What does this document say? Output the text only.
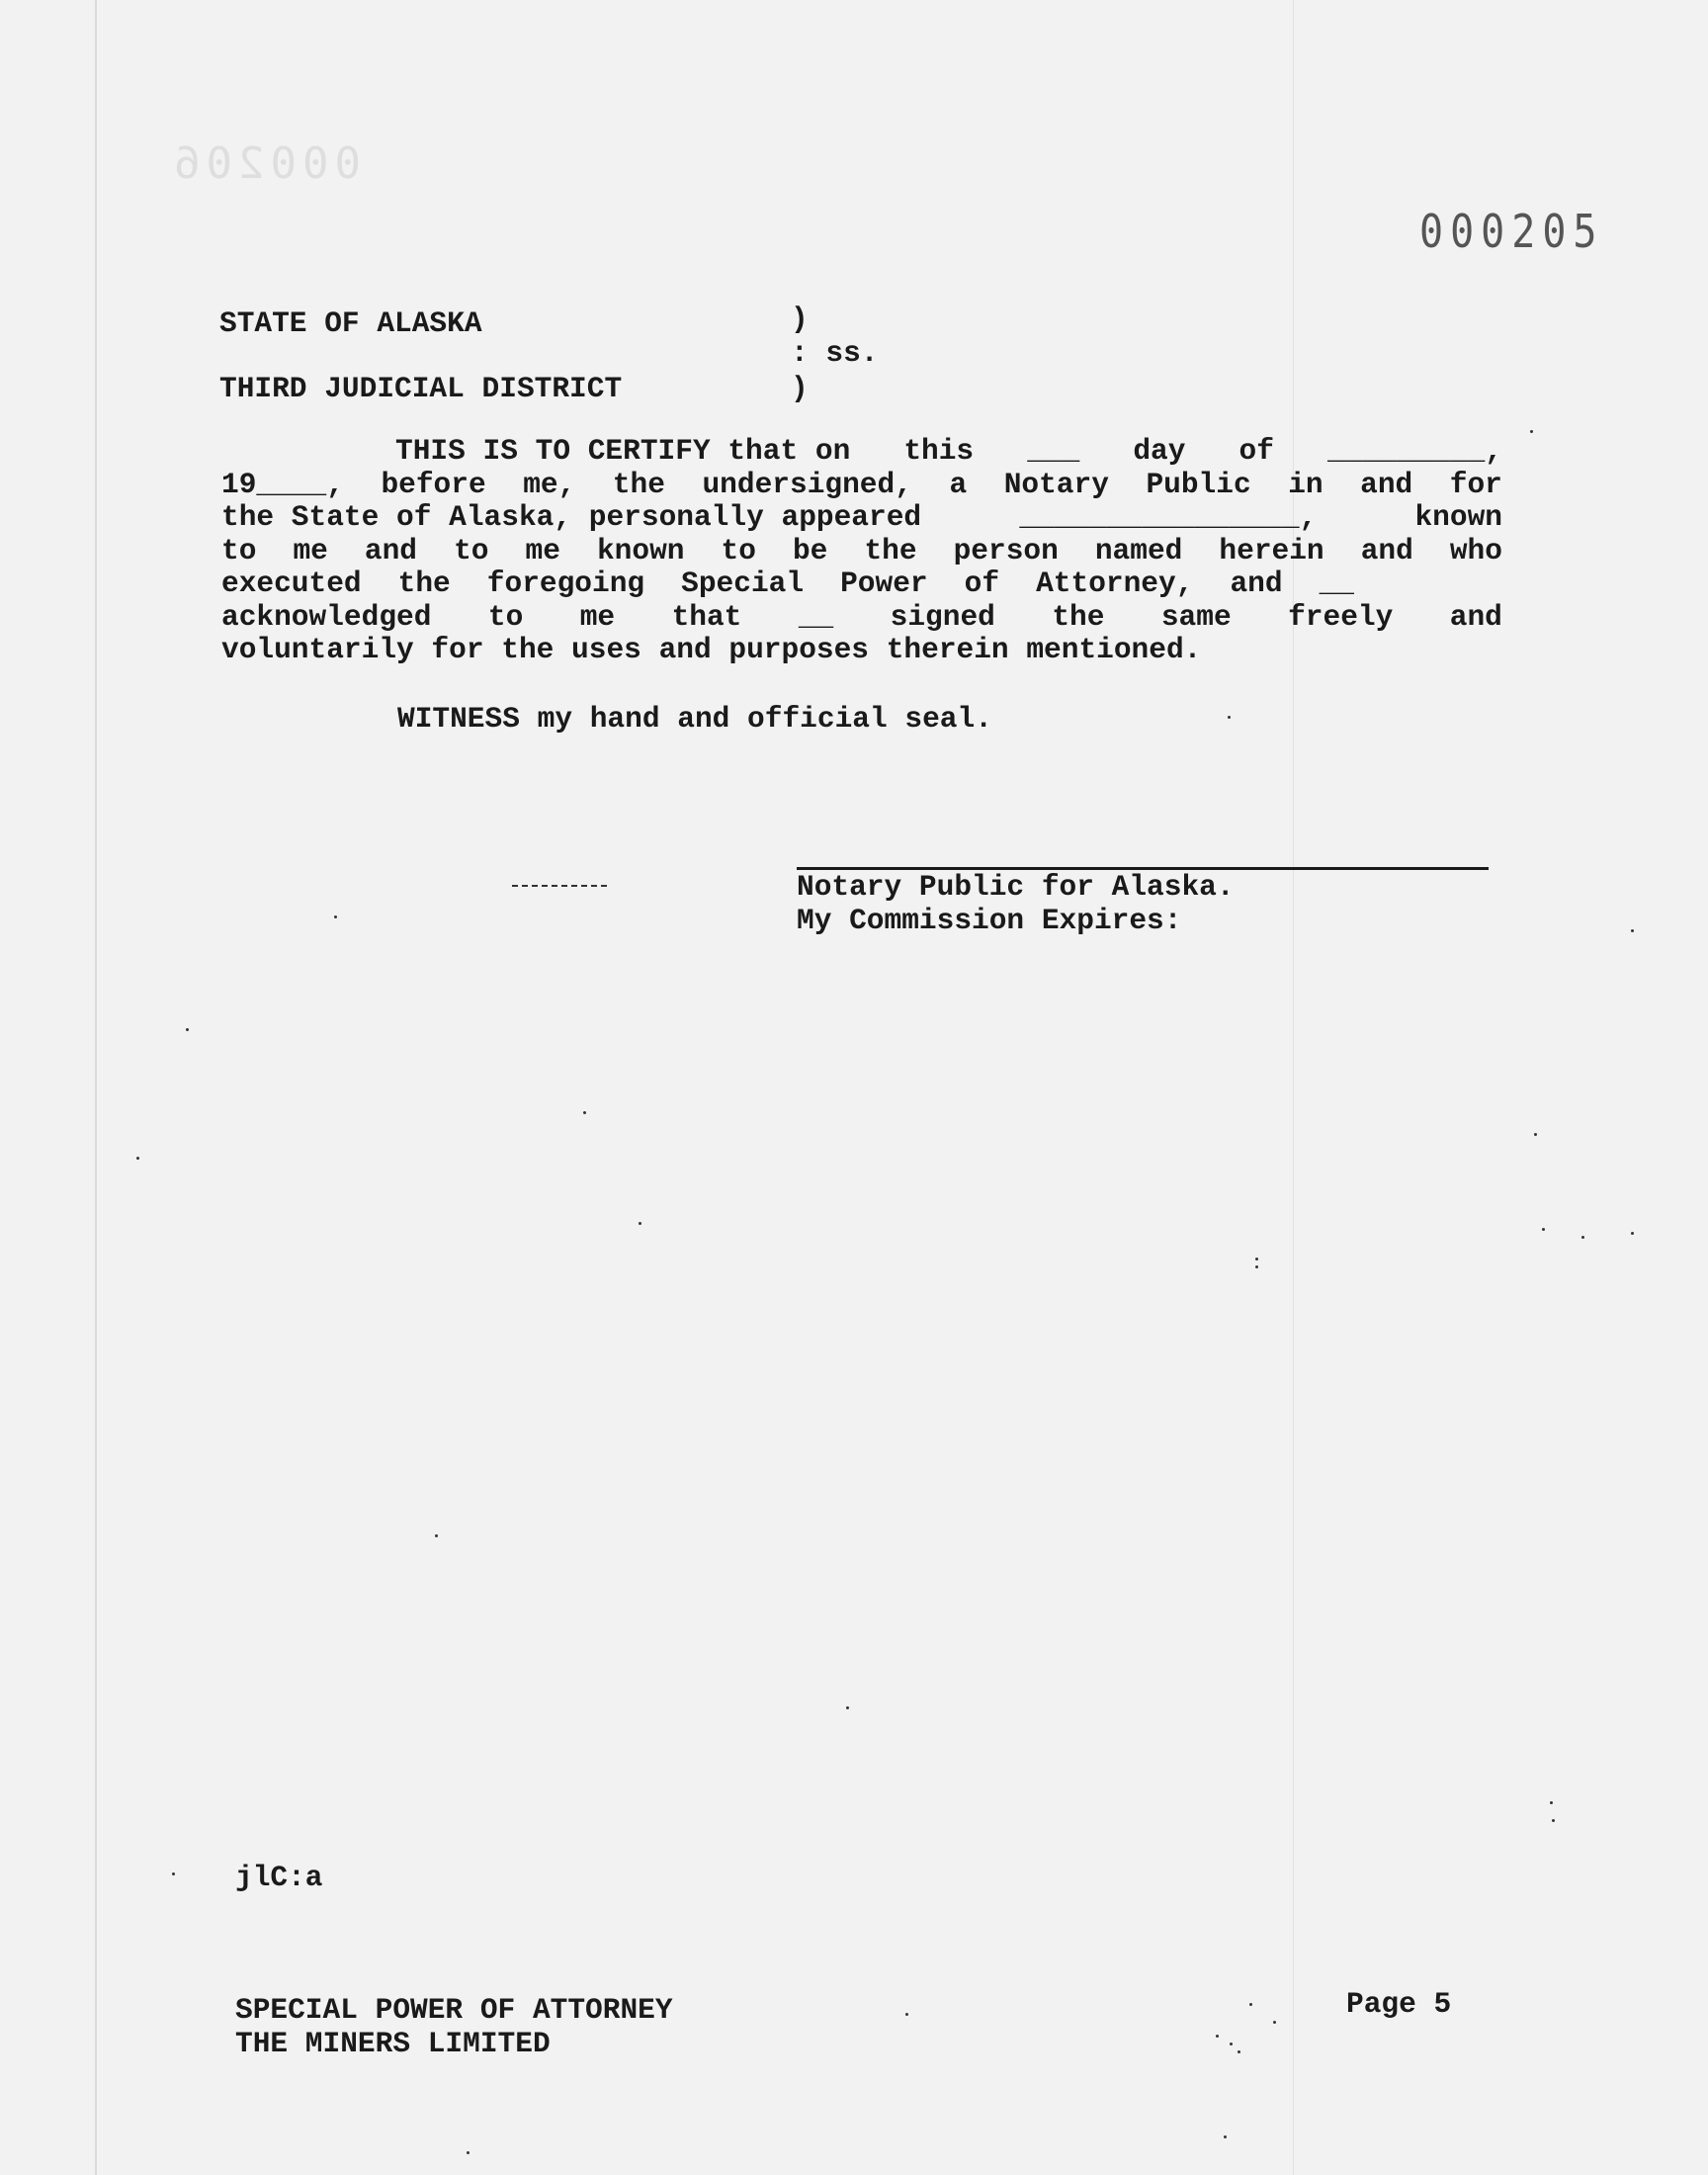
000206
000205
STATE OF ALASKA
THIRD JUDICIAL DISTRICT
)
: ss.
)
THIS IS TO CERTIFY that on this ___ day of _________,
19____, before me, the undersigned, a Notary Public in and for
the State of Alaska, personally appeared	________________,	known
to me and to me known to be the person named herein and who
executed the foregoing Special Power of Attorney, and __
acknowledged to me that __ signed the same freely and
voluntarily for the uses and purposes therein mentioned.
WITNESS my hand and official seal.
Notary Public for Alaska.
My Commission Expires:
jlC:a
SPECIAL POWER OF ATTORNEY
THE MINERS LIMITED
Page 5
